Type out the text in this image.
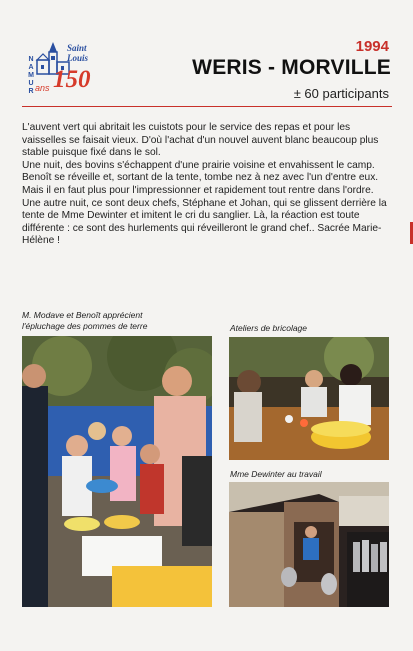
Saint
Louis
NAMUR ans 150
1994
WERIS - MORVILLE
± 60 participants

L'auvent vert qui abritait les cuistots pour le service des repas et pour les vaisselles se faisait vieux. D'où l'achat d'un nouvel auvent blanc beaucoup plus stable puisque fixé dans le sol.

Une nuit, des bovins s'échappent d'une prairie voisine et envahissent le camp. Benoît se réveille et, sortant de la tente, tombe nez à nez avec l'un d'entre eux. Mais il en faut plus pour l'impressionner et rapidement tout rentre dans l'ordre.

Une autre nuit, ce sont deux chefs, Stéphane et Johan, qui se glissent derrière la tente de Mme Dewinter et imitent le cri du sanglier. Là, la réaction est toute différente : ce sont des hurlements qui réveilleront le grand chef.. Sacrée Marie-Hélène !

M. Modave et Benoît apprécient
l'épluchage des pommes de terre	Ateliers de bricolage
Mme Dewinter au travail
